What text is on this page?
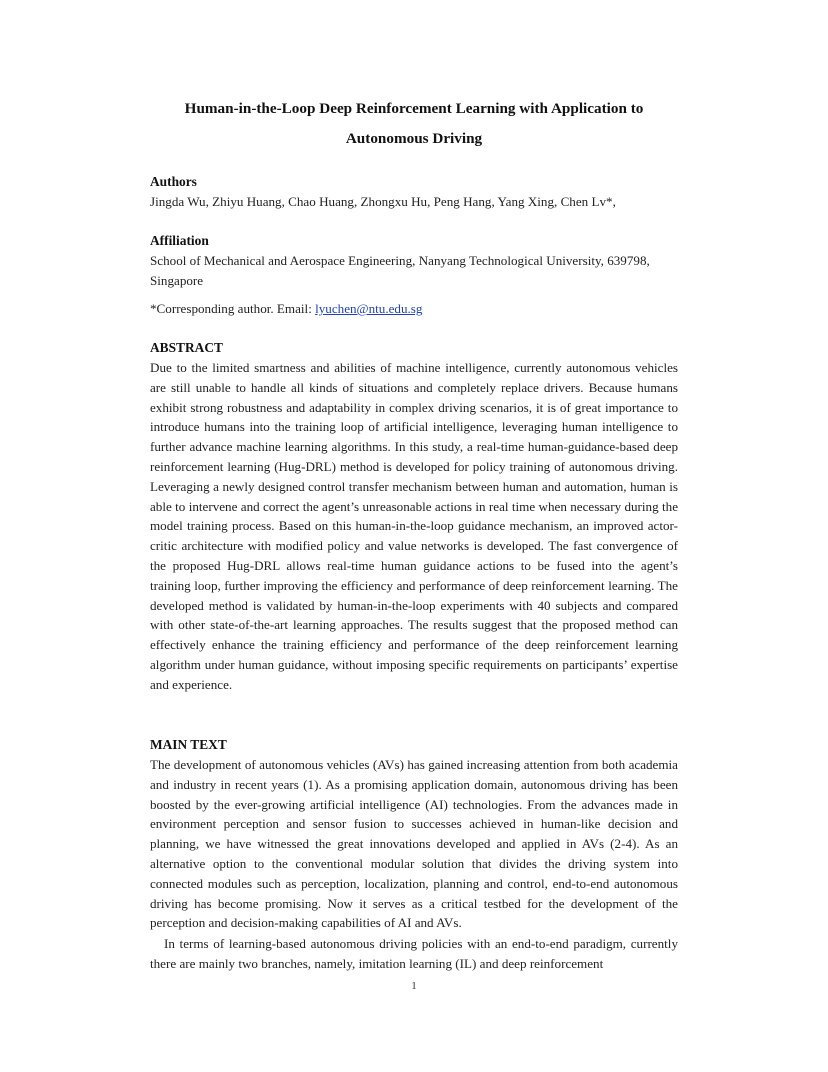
Human-in-the-Loop Deep Reinforcement Learning with Application to Autonomous Driving
Authors
Jingda Wu, Zhiyu Huang, Chao Huang, Zhongxu Hu, Peng Hang, Yang Xing, Chen Lv*,
Affiliation
School of Mechanical and Aerospace Engineering, Nanyang Technological University, 639798, Singapore
*Corresponding author. Email: lyuchen@ntu.edu.sg
ABSTRACT
Due to the limited smartness and abilities of machine intelligence, currently autonomous vehicles are still unable to handle all kinds of situations and completely replace drivers. Because humans exhibit strong robustness and adaptability in complex driving scenarios, it is of great importance to introduce humans into the training loop of artificial intelligence, leveraging human intelligence to further advance machine learning algorithms. In this study, a real-time human-guidance-based deep reinforcement learning (Hug-DRL) method is developed for policy training of autonomous driving. Leveraging a newly designed control transfer mechanism between human and automation, human is able to intervene and correct the agent’s unreasonable actions in real time when necessary during the model training process. Based on this human-in-the-loop guidance mechanism, an improved actor-critic architecture with modified policy and value networks is developed. The fast convergence of the proposed Hug-DRL allows real-time human guidance actions to be fused into the agent’s training loop, further improving the efficiency and performance of deep reinforcement learning. The developed method is validated by human-in-the-loop experiments with 40 subjects and compared with other state-of-the-art learning approaches. The results suggest that the proposed method can effectively enhance the training efficiency and performance of the deep reinforcement learning algorithm under human guidance, without imposing specific requirements on participants’ expertise and experience.
MAIN TEXT
The development of autonomous vehicles (AVs) has gained increasing attention from both academia and industry in recent years (1). As a promising application domain, autonomous driving has been boosted by the ever-growing artificial intelligence (AI) technologies. From the advances made in environment perception and sensor fusion to successes achieved in human-like decision and planning, we have witnessed the great innovations developed and applied in AVs (2-4). As an alternative option to the conventional modular solution that divides the driving system into connected modules such as perception, localization, planning and control, end-to-end autonomous driving has become promising. Now it serves as a critical testbed for the development of the perception and decision-making capabilities of AI and AVs.
In terms of learning-based autonomous driving policies with an end-to-end paradigm, currently there are mainly two branches, namely, imitation learning (IL) and deep reinforcement
1
